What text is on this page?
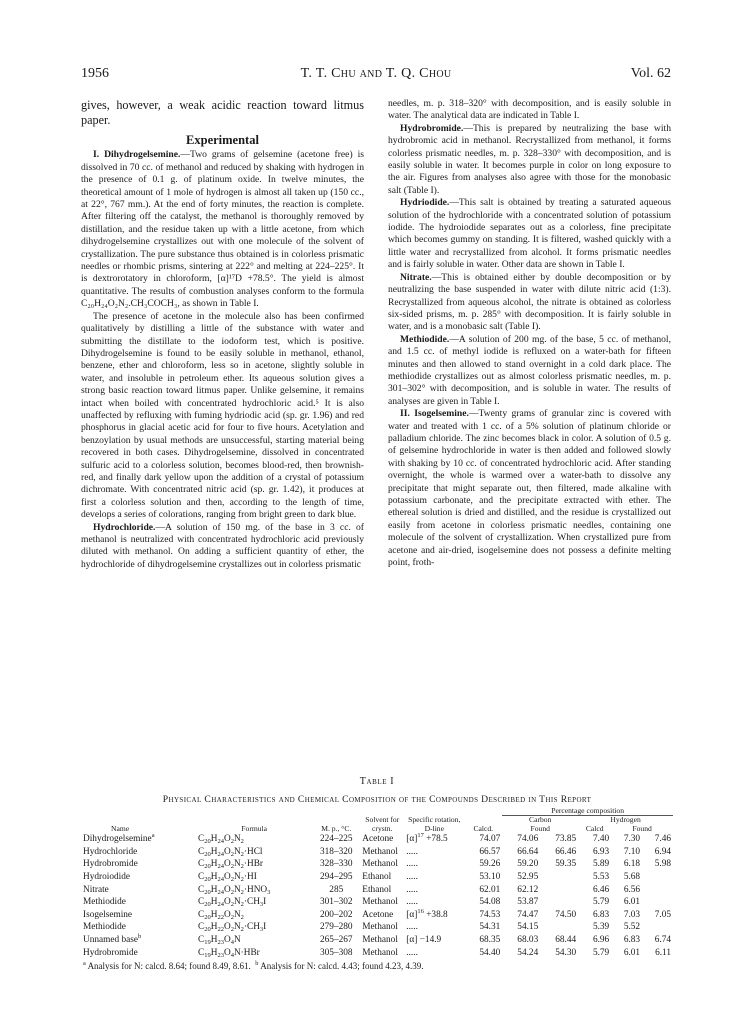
1956	T. T. Chu and T. Q. Chou	Vol. 62

gives, however, a weak acidic reaction toward litmus paper.

Experimental

I. Dihydrogelsemine.—Two grams of gelsemine (acetone free) is dissolved in 70 cc. of methanol and reduced by shaking with hydrogen in the presence of 0.1 g. of platinum oxide. In twelve minutes, the theoretical amount of 1 mole of hydrogen is almost all taken up (150 cc., at 22°, 767 mm.). At the end of forty minutes, the reaction is complete. After filtering off the catalyst, the methanol is thoroughly removed by distillation, and the residue taken up with a little acetone, from which dihydrogelsemine crystallizes out with one molecule of the solvent of crystallization. The pure substance thus obtained is in colorless prismatic needles or rhombic prisms, sintering at 222° and melting at 224–225°. It is dextrorotatory in chloroform, [α]¹⁷D +78.5°. The yield is almost quantitative. The results of combustion analyses conform to the formula C₂₀H₂₄O₂N₂.CH₃COCH₃, as shown in Table I.

The presence of acetone in the molecule also has been confirmed qualitatively by distilling a little of the substance with water and submitting the distillate to the iodoform test, which is positive. Dihydrogelsemine is found to be easily soluble in methanol, ethanol, benzene, ether and chloroform, less so in acetone, slightly soluble in water, and insoluble in petroleum ether. Its aqueous solution gives a strong basic reaction toward litmus paper. Unlike gelsemine, it remains intact when boiled with concentrated hydrochloric acid.⁵ It is also unaffected by refluxing with fuming hydriodic acid (sp. gr. 1.96) and red phosphorus in glacial acetic acid for four to five hours. Acetylation and benzoylation by usual methods are unsuccessful, starting material being recovered in both cases. Dihydrogelsemine, dissolved in concentrated sulfuric acid to a colorless solution, becomes blood-red, then brownish-red, and finally dark yellow upon the addition of a crystal of potassium dichromate. With concentrated nitric acid (sp. gr. 1.42), it produces at first a colorless solution and then, according to the length of time, develops a series of colorations, ranging from bright green to dark blue.

Hydrochloride.—A solution of 150 mg. of the base in 3 cc. of methanol is neutralized with concentrated hydrochloric acid previously diluted with methanol. On adding a sufficient quantity of ether, the hydrochloride of dihydrogelsemine crystallizes out in colorless prismatic

needles, m. p. 318–320° with decomposition, and is easily soluble in water. The analytical data are indicated in Table I.

Hydrobromide.—This is prepared by neutralizing the base with hydrobromic acid in methanol. Recrystallized from methanol, it forms colorless prismatic needles, m. p. 328–330° with decomposition, and is easily soluble in water. It becomes purple in color on long exposure to the air. Figures from analyses also agree with those for the monobasic salt (Table I).

Hydriodide.—This salt is obtained by treating a saturated aqueous solution of the hydrochloride with a concentrated solution of potassium iodide. The hydroiodide separates out as a colorless, fine precipitate which becomes gummy on standing. It is filtered, washed quickly with a little water and recrystallized from alcohol. It forms prismatic needles and is fairly soluble in water. Other data are shown in Table I.

Nitrate.—This is obtained either by double decomposition or by neutralizing the base suspended in water with dilute nitric acid (1:3). Recrystallized from aqueous alcohol, the nitrate is obtained as colorless six-sided prisms, m. p. 285° with decomposition. It is fairly soluble in water, and is a monobasic salt (Table I).

Methiodide.—A solution of 200 mg. of the base, 5 cc. of methanol, and 1.5 cc. of methyl iodide is refluxed on a water-bath for fifteen minutes and then allowed to stand overnight in a cold dark place. The methiodide crystallizes out as almost colorless prismatic needles, m. p. 301–302° with decomposition, and is soluble in water. The results of analyses are given in Table I.

II. Isogelsemine.—Twenty grams of granular zinc is covered with water and treated with 1 cc. of a 5% solution of platinum chloride or palladium chloride. The zinc becomes black in color. A solution of 0.5 g. of gelsemine hydrochloride in water is then added and followed slowly with shaking by 10 cc. of concentrated hydrochloric acid. After standing overnight, the whole is warmed over a water-bath to dissolve any precipitate that might separate out, then filtered, made alkaline with potassium carbonate, and the precipitate extracted with ether. The ethereal solution is dried and distilled, and the residue is crystallized out easily from acetone in colorless prismatic needles, containing one molecule of the solvent of crystallization. When crystallized pure from acetone and air-dried, isogelsemine does not possess a definite melting point, froth-

Table I
Physical Characteristics and Chemical Composition of the Compounds Described in This Report
Name	Formula	M. p., °C.	Solvent for crystn.	Specific rotation, D-line	Calcd.	Percentage composition				
						Carbon		Hydrogen		
						Found		Calcd	Found	
Dihydrogelsemine$^a$	$C_{20}H_{24}O_2N_2$	224–225	Acetone	$[\alpha]^{17} +78.5$	74.07	74.06	73.85	7.40	7.30	7.46
Hydrochloride	$C_{20}H_{24}O_2N_2\cdot HCl$	318–320	Methanol	.....	66.57	66.64	66.46	6.93	7.10	6.94
Hydrobromide	$C_{20}H_{24}O_2N_2\cdot HBr$	328–330	Methanol	.....	59.26	59.20	59.35	5.89	6.18	5.98
Hydroiodide	$C_{20}H_{24}O_2N_2\cdot HI$	294–295	Ethanol	.....	53.10	52.95		5.53	5.68	
Nitrate	$C_{20}H_{24}O_2N_2\cdot HNO_3$	285	Ethanol	.....	62.01	62.12		6.46	6.56	
Methiodide	$C_{20}H_{24}O_2N_2\cdot CH_3I$	301–302	Methanol	.....	54.08	53.87		5.79	6.01	
Isogelsemine	$C_{20}H_{22}O_2N_2$	200–202	Acetone	$[\alpha]^{16} +38.8$	74.53	74.47	74.50	6.83	7.03	7.05
Methiodide	$C_{20}H_{22}O_2N_2\cdot CH_3I$	279–280	Methanol	.....	54.31	54.15		5.39	5.52	
Unnamed base$^b$	$C_{19}H_{23}O_4N$	265–267	Methanol	[α] −14.9	68.35	68.03	68.44	6.96	6.83	6.74
Hydrobromide	$C_{19}H_{23}O_4N\cdot HBr$	305–308	Methanol	.....	54.40	54.24	54.30	5.79	6.01	6.11
$^a$ Analysis for N: calcd. 8.64; found 8.49, 8.61. $^b$ Analysis for N: calcd. 4.43; found 4.23, 4.39.
